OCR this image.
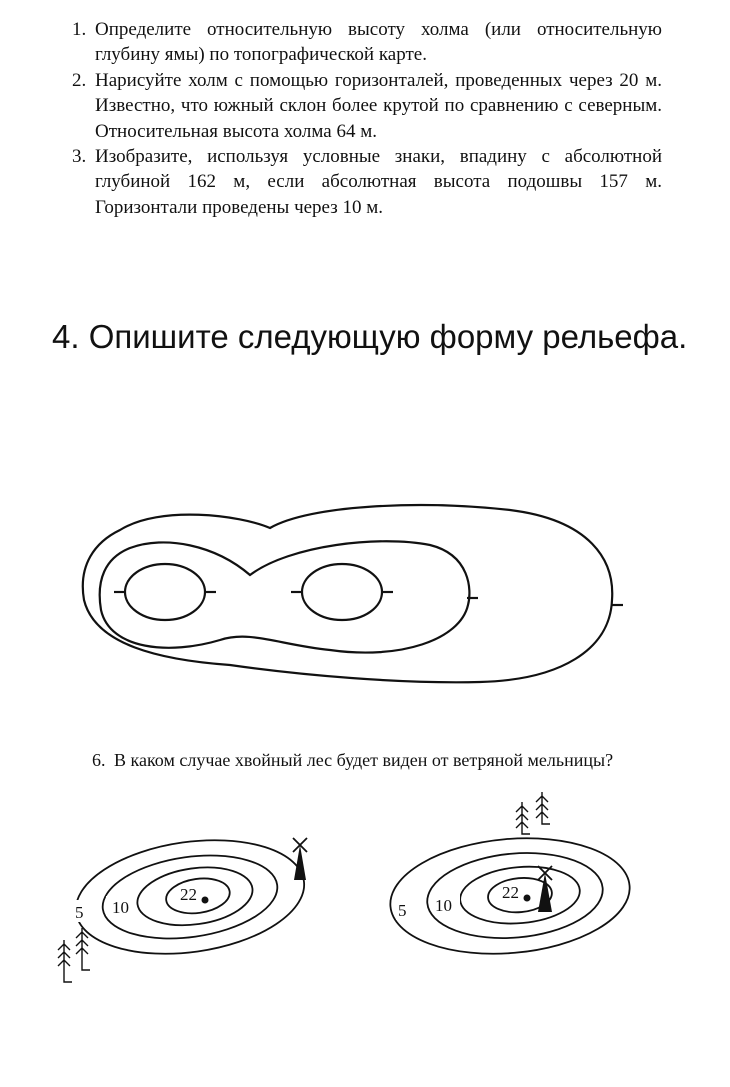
1. Определите относительную высоту холма (или относительную глубину ямы) по топографической карте.
2. Нарисуйте холм с помощью горизонталей, проведенных через 20 м. Известно, что южный склон более крутой по сравнению с северным. Относительная высота холма 64 м.
3. Изобразите, используя условные знаки, впадину с абсолютной глубиной 162 м, если абсолютная высота подошвы 157 м. Горизонтали проведены через 10 м.
4. Опишите следующую форму рельефа.
5 10
22
5 10
22
6. В каком случае хвойный лес будет виден от ветряной мельницы?
